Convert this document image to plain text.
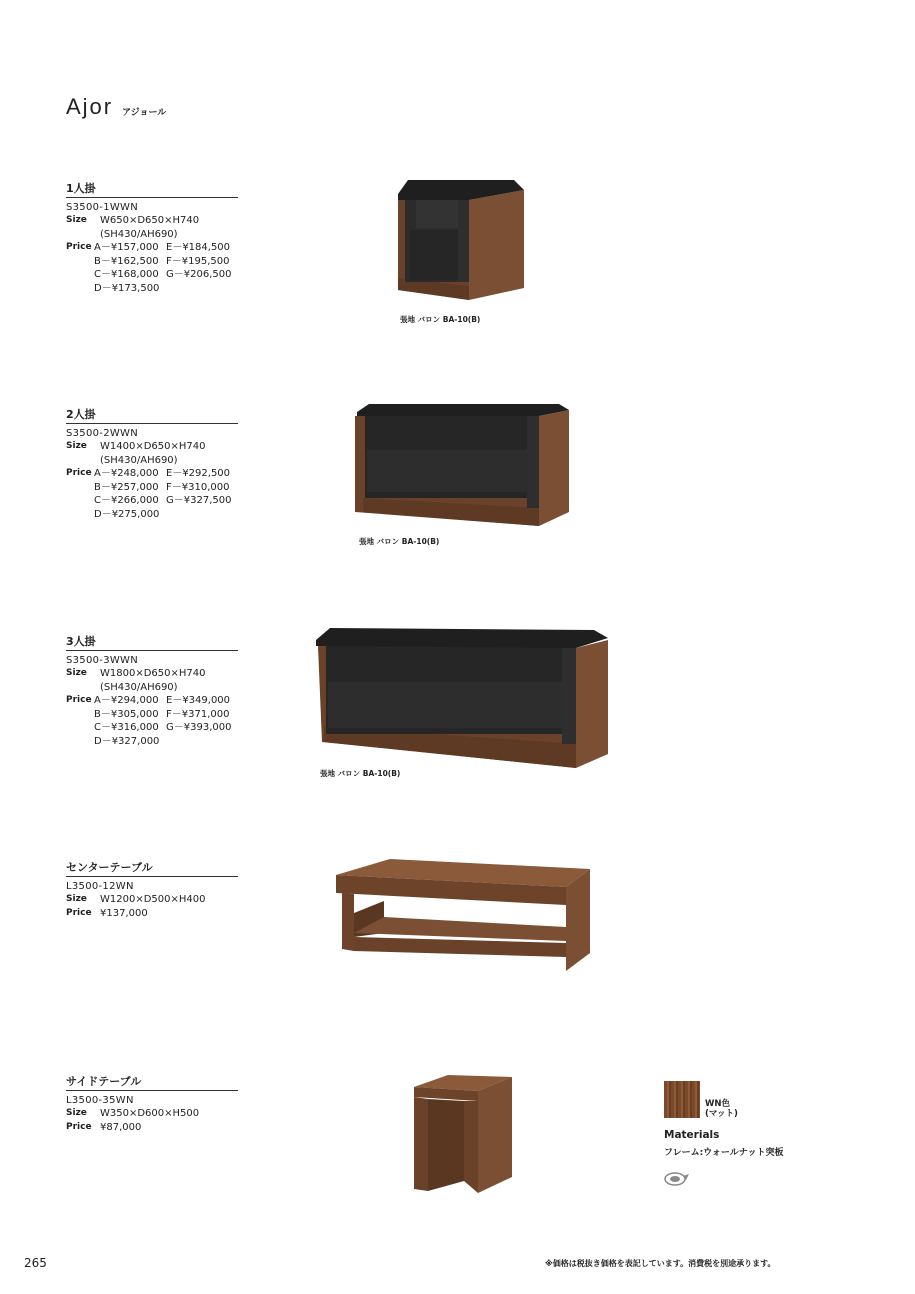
Ajor アジョール
1人掛
S3500-1WWN
Size	W650×D650×H740
(SH430/AH690)
Price A－¥157,000 E－¥184,500
B－¥162,500 F－¥195,500
C－¥168,000 G－¥206,500
D－¥173,500
2人掛
S3500-2WWN
Size	W1400×D650×H740
(SH430/AH690)
Price A－¥248,000 E－¥292,500
B－¥257,000 F－¥310,000
C－¥266,000 G－¥327,500
D－¥275,000
3人掛
S3500-3WWN
Size	W1800×D650×H740
(SH430/AH690)
Price A－¥294,000 E－¥349,000
B－¥305,000 F－¥371,000
C－¥316,000 G－¥393,000
D－¥327,000
センターテーブル
L3500-12WN
Size	W1200×D500×H400
Price ¥137,000
サイドテーブル
L3500-35WN
Size	W350×D600×H500
Price ¥87,000
張地 バロン BA-10(B)
張地 バロン BA-10(B)
張地 バロン BA-10(B)
WN色
(マット)
Materials
フレーム:ウォールナット突板
265	※価格は税抜き価格を表記しています。消費税を別途承ります。
